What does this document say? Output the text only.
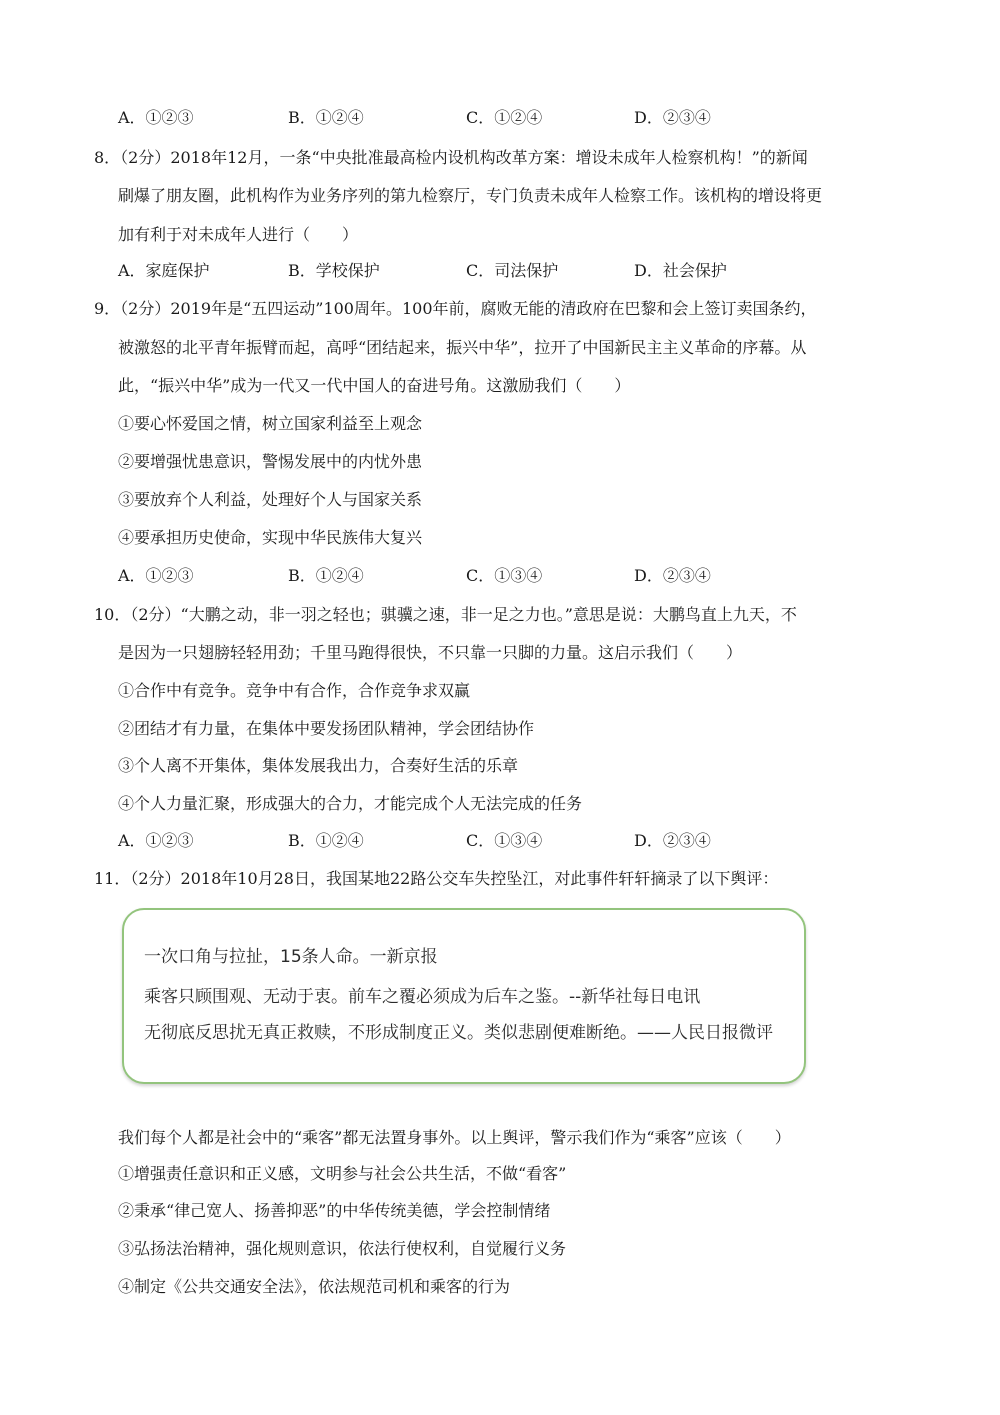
A．①②③	B．①②④	C．①②④	D．②③④
8．（2分）2018年12月，一条“中央批准最高检内设机构改革方案：增设未成年人检察机构！”的新闻
刷爆了朋友圈，此机构作为业务序列的第九检察厅，专门负责未成年人检察工作。该机构的增设将更
加有利于对未成年人进行（　　）
A．家庭保护	B．学校保护	C．司法保护	D．社会保护
9．（2分）2019年是“五四运动”100周年。100年前，腐败无能的清政府在巴黎和会上签订卖国条约，
被激怒的北平青年振臂而起，高呼“团结起来，振兴中华”，拉开了中国新民主主义革命的序幕。从
此，“振兴中华”成为一代又一代中国人的奋进号角。这激励我们（　　）
①要心怀爱国之情，树立国家利益至上观念
②要增强忧患意识，警惕发展中的内忧外患
③要放弃个人利益，处理好个人与国家关系
④要承担历史使命，实现中华民族伟大复兴
A．①②③	B．①②④	C．①③④	D．②③④
10．（2分）“大鹏之动，非一羽之轻也；骐骥之速，非一足之力也。”意思是说：大鹏鸟直上九天，不
是因为一只翅膀轻轻用劲；千里马跑得很快，不只靠一只脚的力量。这启示我们（　　）
①合作中有竞争。竞争中有合作，合作竞争求双赢
②团结才有力量，在集体中要发扬团队精神，学会团结协作
③个人离不开集体，集体发展我出力，合奏好生活的乐章
④个人力量汇聚，形成强大的合力，才能完成个人无法完成的任务
A．①②③	B．①②④	C．①③④	D．②③④
11．（2分）2018年10月28日，我国某地22路公交车失控坠江，对此事件轩轩摘录了以下舆评：
一次口角与拉扯，15条人命。一新京报
乘客只顾围观、无动于衷。前车之覆必须成为后车之鉴。--新华社每日电讯
无彻底反思扰无真正救赎，不形成制度正义。类似悲剧便难断绝。——人民日报微评
我们每个人都是社会中的“乘客”都无法置身事外。以上舆评，警示我们作为“乘客”应该（　　）
①增强责任意识和正义感，文明参与社会公共生活，不做“看客”
②秉承“律己宽人、扬善抑恶”的中华传统美德，学会控制情绪
③弘扬法治精神，强化规则意识，依法行使权利，自觉履行义务
④制定《公共交通安全法》，依法规范司机和乘客的行为
